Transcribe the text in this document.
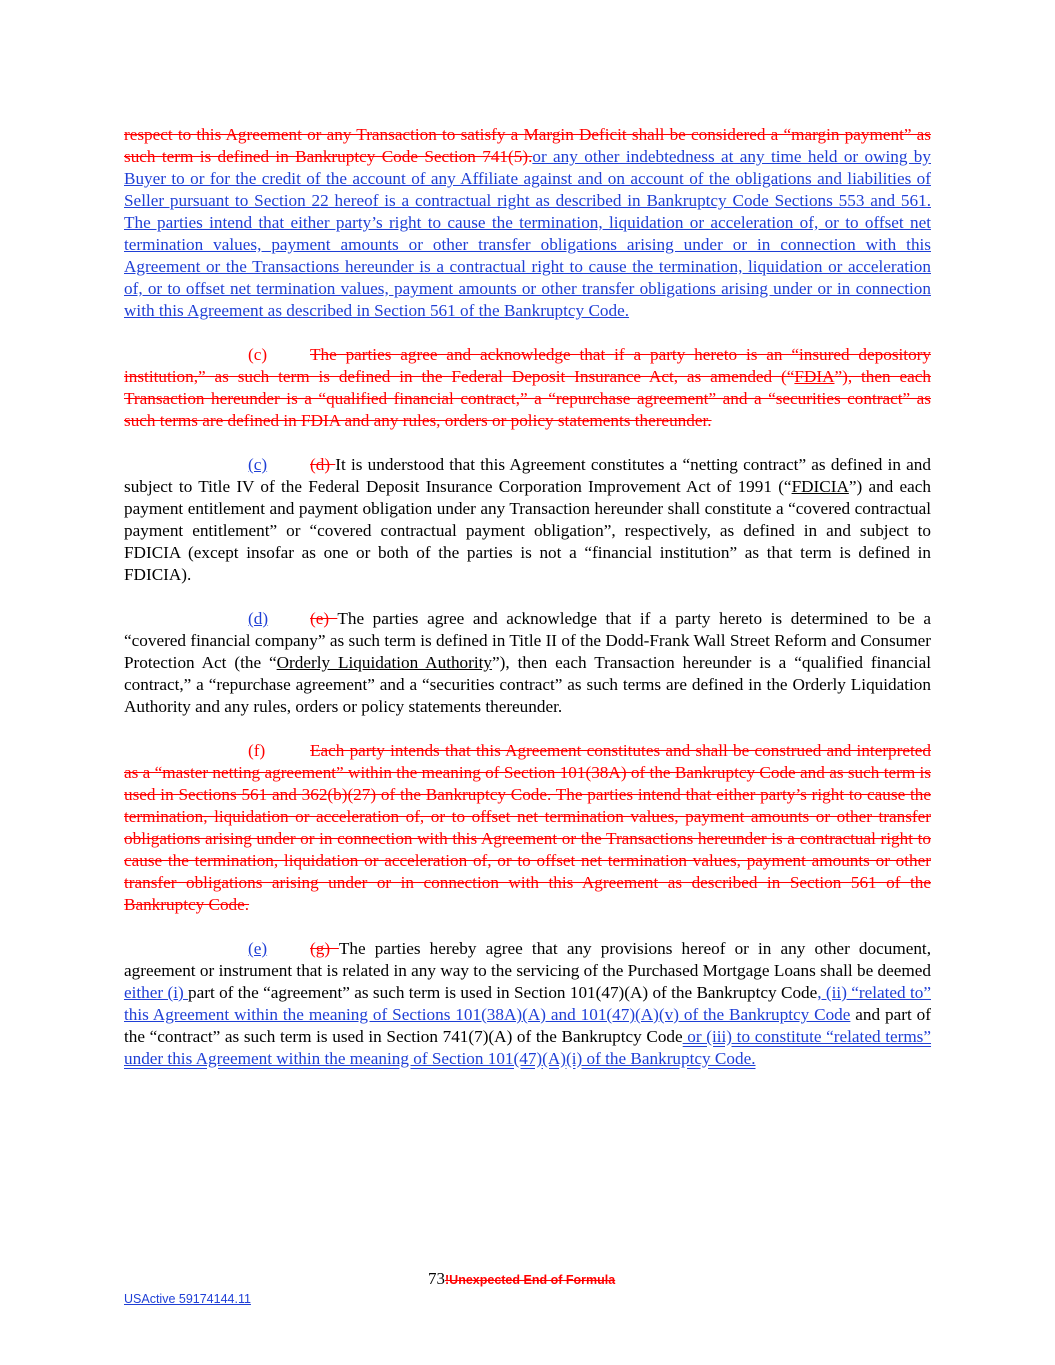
respect to this Agreement or any Transaction to satisfy a Margin Deficit shall be considered a “margin payment” as such term is defined in Bankruptcy Code Section 741(5).or any other indebtedness at any time held or owing by Buyer to or for the credit of the account of any Affiliate against and on account of the obligations and liabilities of Seller pursuant to Section 22 hereof is a contractual right as described in Bankruptcy Code Sections 553 and 561. The parties intend that either party’s right to cause the termination, liquidation or acceleration of, or to offset net termination values, payment amounts or other transfer obligations arising under or in connection with this Agreement or the Transactions hereunder is a contractual right to cause the termination, liquidation or acceleration of, or to offset net termination values, payment amounts or other transfer obligations arising under or in connection with this Agreement as described in Section 561 of the Bankruptcy Code.

(c) The parties agree and acknowledge that if a party hereto is an “insured depository institution,” as such term is defined in the Federal Deposit Insurance Act, as amended (“FDIA”), then each Transaction hereunder is a “qualified financial contract,” a “repurchase agreement” and a “securities contract” as such terms are defined in FDIA and any rules, orders or policy statements thereunder.

(c) (d) It is understood that this Agreement constitutes a “netting contract” as defined in and subject to Title IV of the Federal Deposit Insurance Corporation Improvement Act of 1991 (“FDICIA”) and each payment entitlement and payment obligation under any Transaction hereunder shall constitute a “covered contractual payment entitlement” or “covered contractual payment obligation”, respectively, as defined in and subject to FDICIA (except insofar as one or both of the parties is not a “financial institution” as that term is defined in FDICIA).

(d) (e) The parties agree and acknowledge that if a party hereto is determined to be a “covered financial company” as such term is defined in Title II of the Dodd-Frank Wall Street Reform and Consumer Protection Act (the “Orderly Liquidation Authority”), then each Transaction hereunder is a “qualified financial contract,” a “repurchase agreement” and a “securities contract” as such terms are defined in the Orderly Liquidation Authority and any rules, orders or policy statements thereunder.

(f)	Each party intends that this Agreement constitutes and shall be construed and interpreted as a “master netting agreement” within the meaning of Section 101(38A) of the Bankruptcy Code and as such term is used in Sections 561 and 362(b)(27) of the Bankruptcy Code. The parties intend that either party’s right to cause the termination, liquidation or acceleration of, or to offset net termination values, payment amounts or other transfer obligations arising under or in connection with this Agreement or the Transactions hereunder is a contractual right to cause the termination, liquidation or acceleration of, or to offset net termination values, payment amounts or other transfer obligations arising under or in connection with this Agreement as described in Section 561 of the Bankruptcy Code.

(e) (g) The parties hereby agree that any provisions hereof or in any other document, agreement or instrument that is related in any way to the servicing of the Purchased Mortgage Loans shall be deemed either (i) part of the “agreement” as such term is used in Section 101(47)(A) of the Bankruptcy Code, (ii) “related to” this Agreement within the meaning of Sections 101(38A)(A) and 101(47)(A)(v) of the Bankruptcy Code and part of the “contract” as such term is used in Section 741(7)(A) of the Bankruptcy Code or (iii) to constitute “related terms” under this Agreement within the meaning of Section 101(47)(A)(i) of the Bankruptcy Code.

73!Unexpected End of Formula
USActive 59174144.11
